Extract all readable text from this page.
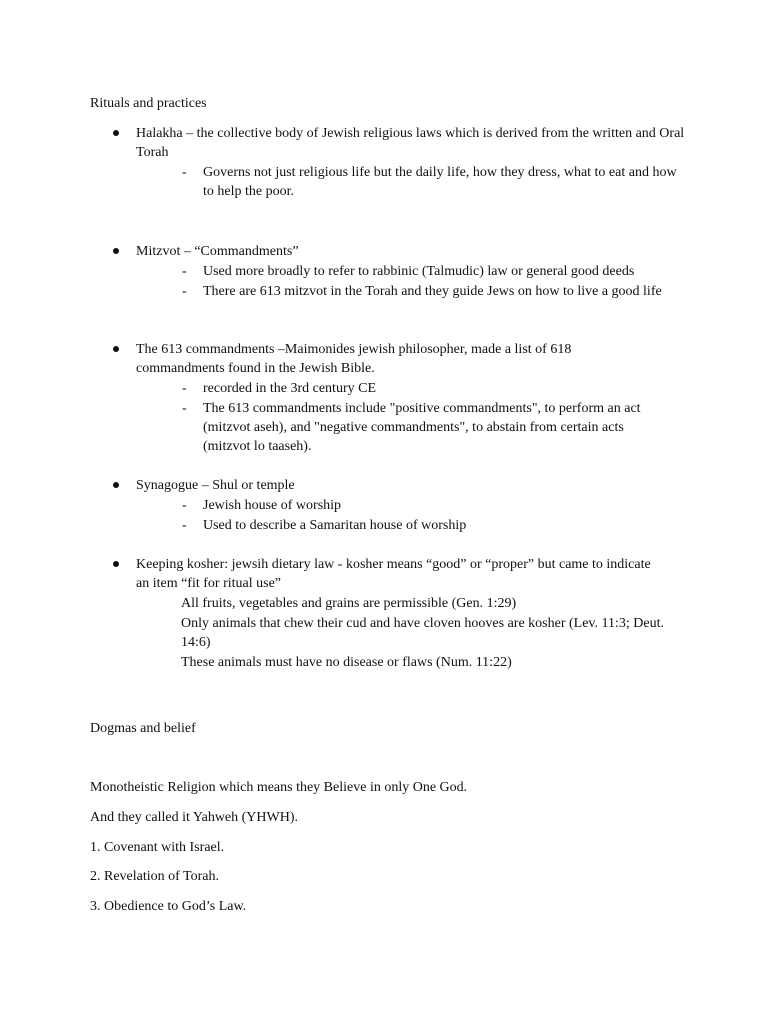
Rituals and practices
Halakha – the collective body of Jewish religious laws which is derived from the written and Oral Torah
- Governs not just religious life but the daily life, how they dress, what to eat and how to help the poor.
Mitzvot – “Commandments”
- Used more broadly to refer to rabbinic (Talmudic) law or general good deeds
- There are 613 mitzvot in the Torah and they guide Jews on how to live a good life
The 613 commandments –Maimonides jewish philosopher, made a list of 618 commandments found in the Jewish Bible.
- recorded in the 3rd century CE
- The 613 commandments include "positive commandments", to perform an act (mitzvot aseh), and "negative commandments", to abstain from certain acts (mitzvot lo taaseh).
Synagogue – Shul or temple
- Jewish house of worship
- Used to describe a Samaritan house of worship
Keeping kosher: jewsih dietary law - kosher means “good” or “proper” but came to indicate an item “fit for ritual use”
All fruits, vegetables and grains are permissible (Gen. 1:29)
Only animals that chew their cud and have cloven hooves are kosher (Lev. 11:3; Deut. 14:6)
These animals must have no disease or flaws (Num. 11:22)
Dogmas and belief
Monotheistic Religion which means they Believe in only One God.
And they called it Yahweh (YHWH).
1. Covenant with Israel.
2. Revelation of Torah.
3. Obedience to God’s Law.
